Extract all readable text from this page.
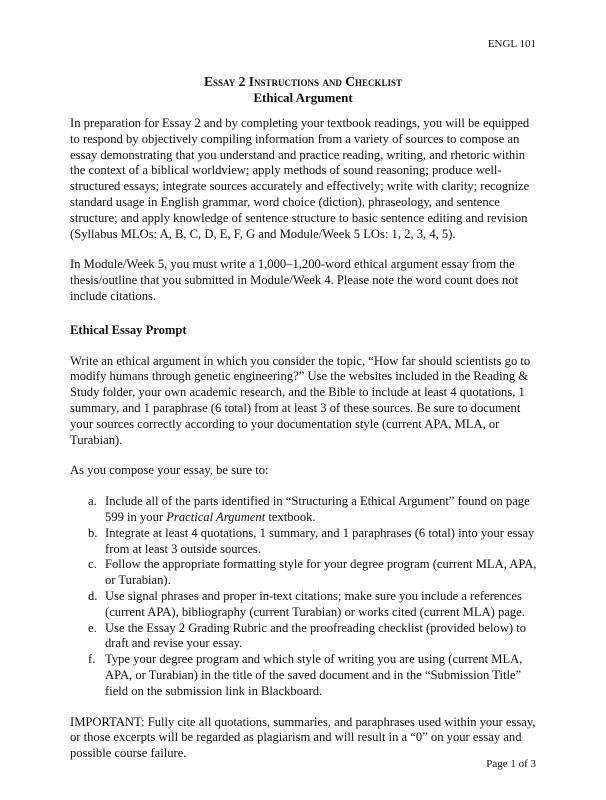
ENGL 101
Essay 2 Instructions and Checklist
Ethical Argument

In preparation for Essay 2 and by completing your textbook readings, you will be equipped to respond by objectively compiling information from a variety of sources to compose an essay demonstrating that you understand and practice reading, writing, and rhetoric within the context of a biblical worldview; apply methods of sound reasoning; produce well-structured essays; integrate sources accurately and effectively; write with clarity; recognize standard usage in English grammar, word choice (diction), phraseology, and sentence structure; and apply knowledge of sentence structure to basic sentence editing and revision (Syllabus MLOs: A, B, C, D, E, F, G and Module/Week 5 LOs: 1, 2, 3, 4, 5).

In Module/Week 5, you must write a 1,000–1,200-word ethical argument essay from the thesis/outline that you submitted in Module/Week 4. Please note the word count does not include citations.

Ethical Essay Prompt

Write an ethical argument in which you consider the topic, “How far should scientists go to modify humans through genetic engineering?” Use the websites included in the Reading & Study folder, your own academic research, and the Bible to include at least 4 quotations, 1 summary, and 1 paraphrase (6 total) from at least 3 of these sources. Be sure to document your sources correctly according to your documentation style (current APA, MLA, or Turabian).

As you compose your essay, be sure to:

a. Include all of the parts identified in “Structuring a Ethical Argument” found on page 599 in your Practical Argument textbook.
b. Integrate at least 4 quotations, 1 summary, and 1 paraphrases (6 total) into your essay from at least 3 outside sources.
c. Follow the appropriate formatting style for your degree program (current MLA, APA, or Turabian).
d. Use signal phrases and proper in-text citations; make sure you include a references (current APA), bibliography (current Turabian) or works cited (current MLA) page.
e. Use the Essay 2 Grading Rubric and the proofreading checklist (provided below) to draft and revise your essay.
f. Type your degree program and which style of writing you are using (current MLA, APA, or Turabian) in the title of the saved document and in the “Submission Title” field on the submission link in Blackboard.

IMPORTANT: Fully cite all quotations, summaries, and paraphrases used within your essay, or those excerpts will be regarded as plagiarism and will result in a “0” on your essay and possible course failure.

Page 1 of 3
